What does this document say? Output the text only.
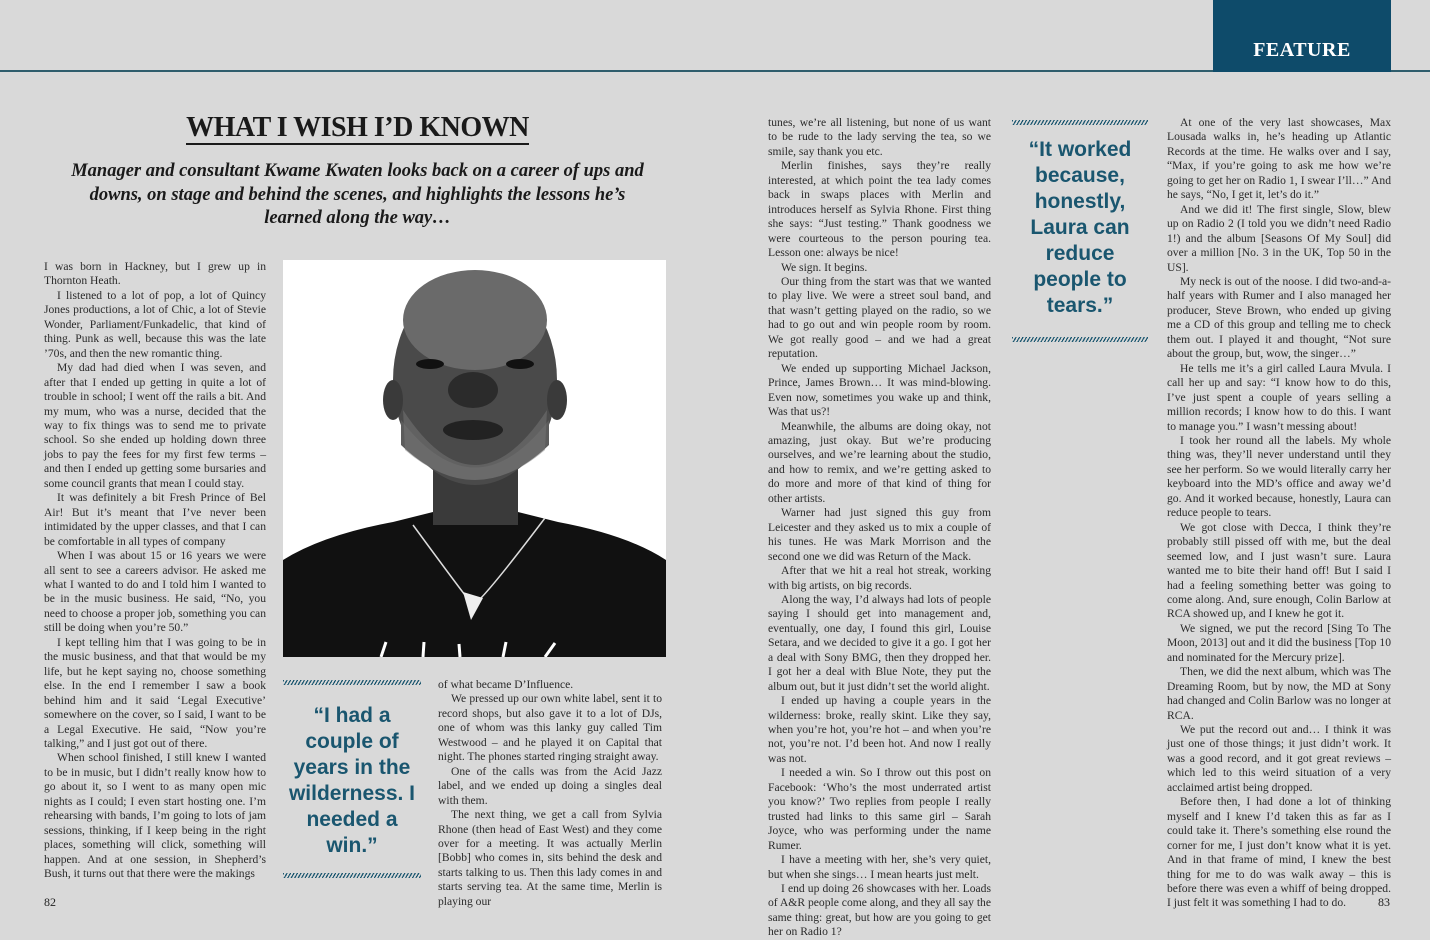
FEATURE
WHAT I WISH I’D KNOWN
Manager and consultant Kwame Kwaten looks back on a career of ups and downs, on stage and behind the scenes, and highlights the lessons he’s learned along the way…

I was born in Hackney, but I grew up in Thornton Heath.

I listened to a lot of pop, a lot of Quincy Jones productions, a lot of Chic, a lot of Stevie Wonder, Parliament/Funkadelic, that kind of thing. Punk as well, because this was the late ’70s, and then the new romantic thing.

My dad had died when I was seven, and after that I ended up getting in quite a lot of trouble in school; I went off the rails a bit. And my mum, who was a nurse, decided that the way to fix things was to send me to private school. So she ended up holding down three jobs to pay the fees for my first few terms – and then I ended up getting some bursaries and some council grants that mean I could stay.

It was definitely a bit Fresh Prince of Bel Air! But it’s meant that I’ve never been intimidated by the upper classes, and that I can be comfortable in all types of company

When I was about 15 or 16 years we were all sent to see a careers advisor. He asked me what I wanted to do and I told him I wanted to be in the music business. He said, “No, you need to choose a proper job, something you can still be doing when you’re 50.”

I kept telling him that I was going to be in the music business, and that that would be my life, but he kept saying no, choose something else. In the end I remember I saw a book behind him and it said ‘Legal Executive’ somewhere on the cover, so I said, I want to be a Legal Executive. He said, “Now you’re talking,” and I just got out of there.

When school finished, I still knew I wanted to be in music, but I didn’t really know how to go about it, so I went to as many open mic nights as I could; I even start hosting one. I’m rehearsing with bands, I’m going to lots of jam sessions, thinking, if I keep being in the right places, something will click, something will happen. And at one session, in Shepherd’s Bush, it turns out that there were the makings

“I had a couple of years in the wilderness. I needed a win.”

of what became D’Influence.

We pressed up our own white label, sent it to record shops, but also gave it to a lot of DJs, one of whom was this lanky guy called Tim Westwood – and he played it on Capital that night. The phones started ringing straight away.

One of the calls was from the Acid Jazz label, and we ended up doing a singles deal with them.

The next thing, we get a call from Sylvia Rhone (then head of East West) and they come over for a meeting. It was actually Merlin [Bobb] who comes in, sits behind the desk and starts talking to us. Then this lady comes in and starts serving tea. At the same time, Merlin is playing our

tunes, we’re all listening, but none of us want to be rude to the lady serving the tea, so we smile, say thank you etc.

Merlin finishes, says they’re really interested, at which point the tea lady comes back in swaps places with Merlin and introduces herself as Sylvia Rhone. First thing she says: “Just testing.” Thank goodness we were courteous to the person pouring tea. Lesson one: always be nice!

We sign. It begins.

Our thing from the start was that we wanted to play live. We were a street soul band, and that wasn’t getting played on the radio, so we had to go out and win people room by room. We got really good – and we had a great reputation.

We ended up supporting Michael Jackson, Prince, James Brown… It was mind-blowing. Even now, sometimes you wake up and think, Was that us?!

Meanwhile, the albums are doing okay, not amazing, just okay. But we’re producing ourselves, and we’re learning about the studio, and how to remix, and we’re getting asked to do more and more of that kind of thing for other artists.

Warner had just signed this guy from Leicester and they asked us to mix a couple of his tunes. He was Mark Morrison and the second one we did was Return of the Mack.

After that we hit a real hot streak, working with big artists, on big records.

Along the way, I’d always had lots of people saying I should get into management and, eventually, one day, I found this girl, Louise Setara, and we decided to give it a go. I got her a deal with Sony BMG, then they dropped her. I got her a deal with Blue Note, they put the album out, but it just didn’t set the world alight.

I ended up having a couple years in the wilderness: broke, really skint. Like they say, when you’re hot, you’re hot – and when you’re not, you’re not. I’d been hot. And now I really was not.

I needed a win. So I throw out this post on Facebook: ‘Who’s the most underrated artist you know?’ Two replies from people I really trusted had links to this same girl – Sarah Joyce, who was performing under the name Rumer.

I have a meeting with her, she’s very quiet, but when she sings… I mean hearts just melt.

I end up doing 26 showcases with her. Loads of A&R people come along, and they all say the same thing: great, but how are you going to get her on Radio 1?

“It worked because, honestly, Laura can reduce people to tears.”

At one of the very last showcases, Max Lousada walks in, he’s heading up Atlantic Records at the time. He walks over and I say, “Max, if you’re going to ask me how we’re going to get her on Radio 1, I swear I’ll…” And he says, “No, I get it, let’s do it.”

And we did it! The first single, Slow, blew up on Radio 2 (I told you we didn’t need Radio 1!) and the album [Seasons Of My Soul] did over a million [No. 3 in the UK, Top 50 in the US].

My neck is out of the noose. I did two-and-a-half years with Rumer and I also managed her producer, Steve Brown, who ended up giving me a CD of this group and telling me to check them out. I played it and thought, “Not sure about the group, but, wow, the singer…”

He tells me it’s a girl called Laura Mvula. I call her up and say: “I know how to do this, I’ve just spent a couple of years selling a million records; I know how to do this. I want to manage you.” I wasn’t messing about!

I took her round all the labels. My whole thing was, they’ll never understand until they see her perform. So we would literally carry her keyboard into the MD’s office and away we’d go. And it worked because, honestly, Laura can reduce people to tears.

We got close with Decca, I think they’re probably still pissed off with me, but the deal seemed low, and I just wasn’t sure. Laura wanted me to bite their hand off! But I said I had a feeling something better was going to come along. And, sure enough, Colin Barlow at RCA showed up, and I knew he got it.

We signed, we put the record [Sing To The Moon, 2013] out and it did the business [Top 10 and nominated for the Mercury prize].

Then, we did the next album, which was The Dreaming Room, but by now, the MD at Sony had changed and Colin Barlow was no longer at RCA.

We put the record out and… I think it was just one of those things; it just didn’t work. It was a good record, and it got great reviews – which led to this weird situation of a very acclaimed artist being dropped.

Before then, I had done a lot of thinking myself and I knew I’d taken this as far as I could take it. There’s something else round the corner for me, I just don’t know what it is yet. And in that frame of mind, I knew the best thing for me to do was walk away – this is before there was even a whiff of being dropped. I just felt it was something I had to do.

82	83
